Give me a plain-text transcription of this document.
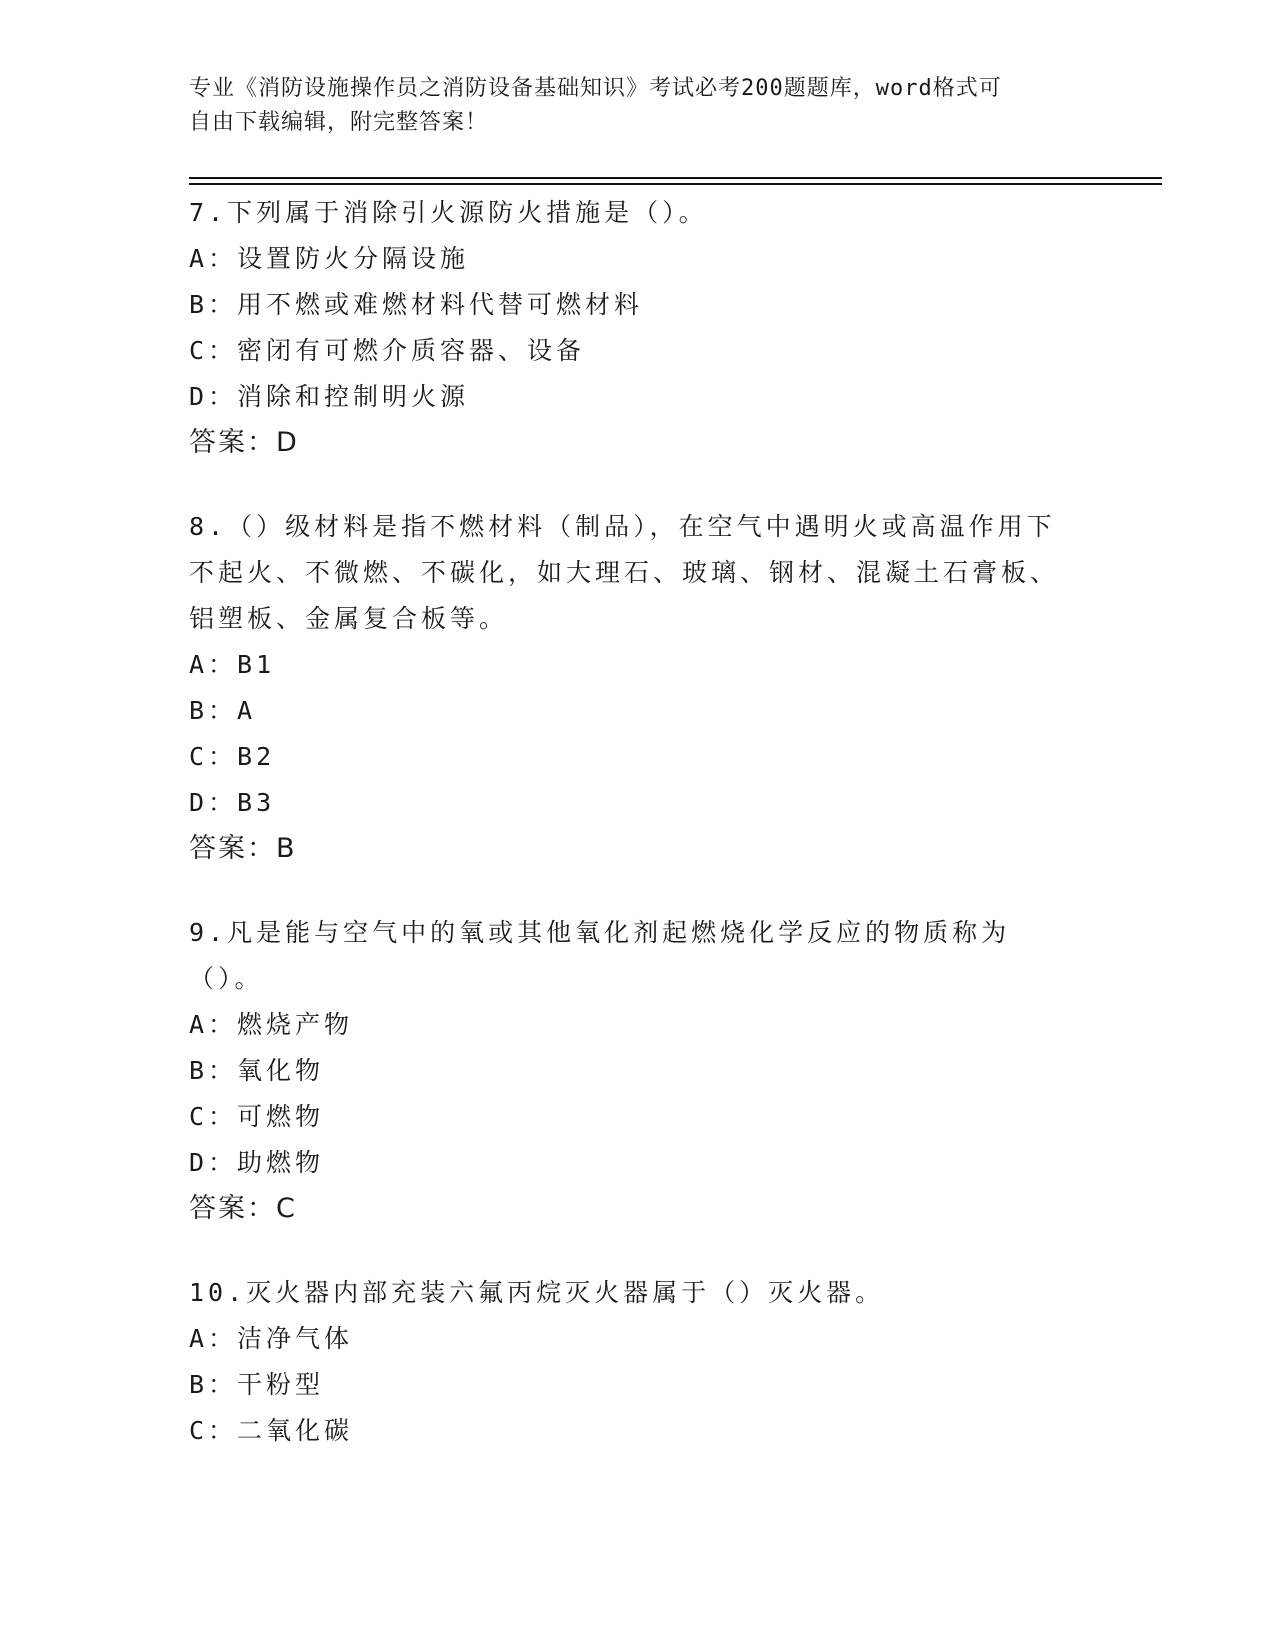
专业《消防设施操作员之消防设备基础知识》考试必考200题题库，word格式可
自由下载编辑，附完整答案！
7.下列属于消除引火源防火措施是（）。
A：设置防火分隔设施
B：用不燃或难燃材料代替可燃材料
C：密闭有可燃介质容器、设备
D：消除和控制明火源
答案：D
8.（）级材料是指不燃材料（制品），在空气中遇明火或高温作用下不起火、不微燃、不碳化，如大理石、玻璃、钢材、混凝土石膏板、铝塑板、金属复合板等。
A：B1
B：A
C：B2
D：B3
答案：B
9.凡是能与空气中的氧或其他氧化剂起燃烧化学反应的物质称为（）。
A：燃烧产物
B：氧化物
C：可燃物
D：助燃物
答案：C
10.灭火器内部充装六氟丙烷灭火器属于（）灭火器。
A：洁净气体
B：干粉型
C：二氧化碳
